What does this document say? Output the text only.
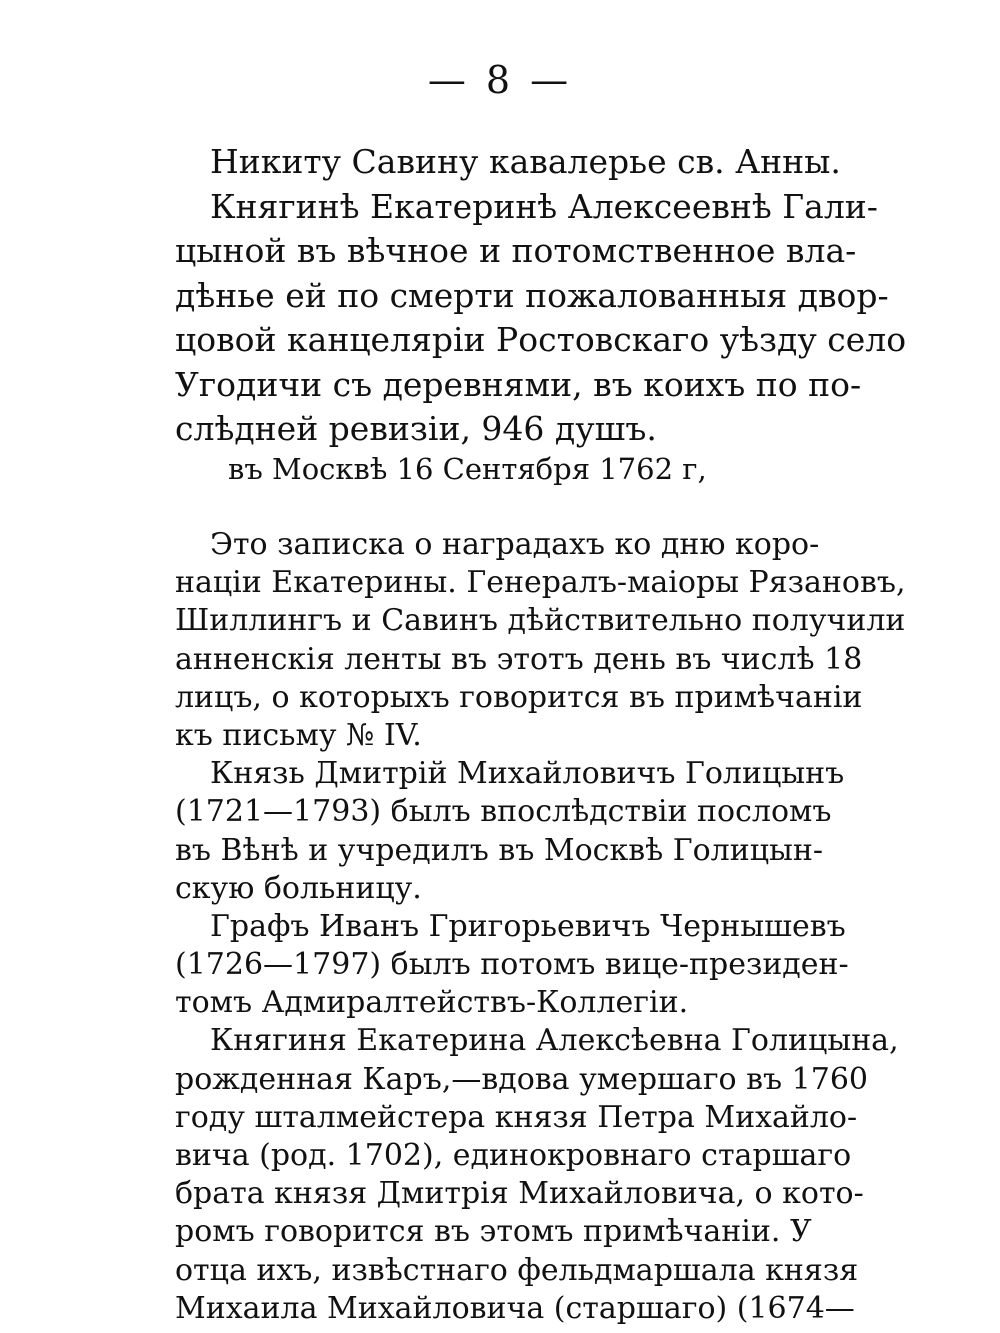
— 8 —
Никиту Савину кавалерье св. Анны.
Княгинѣ Екатеринѣ Алексеевнѣ Гали-
цыной въ вѣчное и потомственное вла-
дѣнье ей по смерти пожалованныя двор-
цовой канцеляріи Ростовскаго уѣзду село
Угодичи съ деревнями, въ коихъ по по-
слѣдней ревизіи, 946 душъ.
въ Москвѣ 16 Сентября 1762 г,
Это записка о наградахъ ко дню коро-
націи Екатерины. Генералъ-маіоры Рязановъ,
Шиллингъ и Савинъ дѣйствительно получили
анненскія ленты въ этотъ день въ числѣ 18
лицъ, о которыхъ говорится въ примѣчаніи
къ письму № IV.
Князь Дмитрій Михайловичъ Голицынъ
(1721—1793) былъ впослѣдствіи посломъ
въ Вѣнѣ и учредилъ въ Москвѣ Голицын-
скую больницу.
Графъ Иванъ Григорьевичъ Чернышевъ
(1726—1797) былъ потомъ вице-президен-
томъ Адмиралтействъ-Коллегіи.
Княгиня Екатерина Алексѣевна Голицына,
рожденная Каръ,—вдова умершаго въ 1760
году шталмейстера князя Петра Михайло-
вича (род. 1702), единокровнаго старшаго
брата князя Дмитрія Михайловича, о кото-
ромъ говорится въ этомъ примѣчаніи. У
отца ихъ, извѣстнаго фельдмаршала князя
Михаила Михайловича (старшаго) (1674—
